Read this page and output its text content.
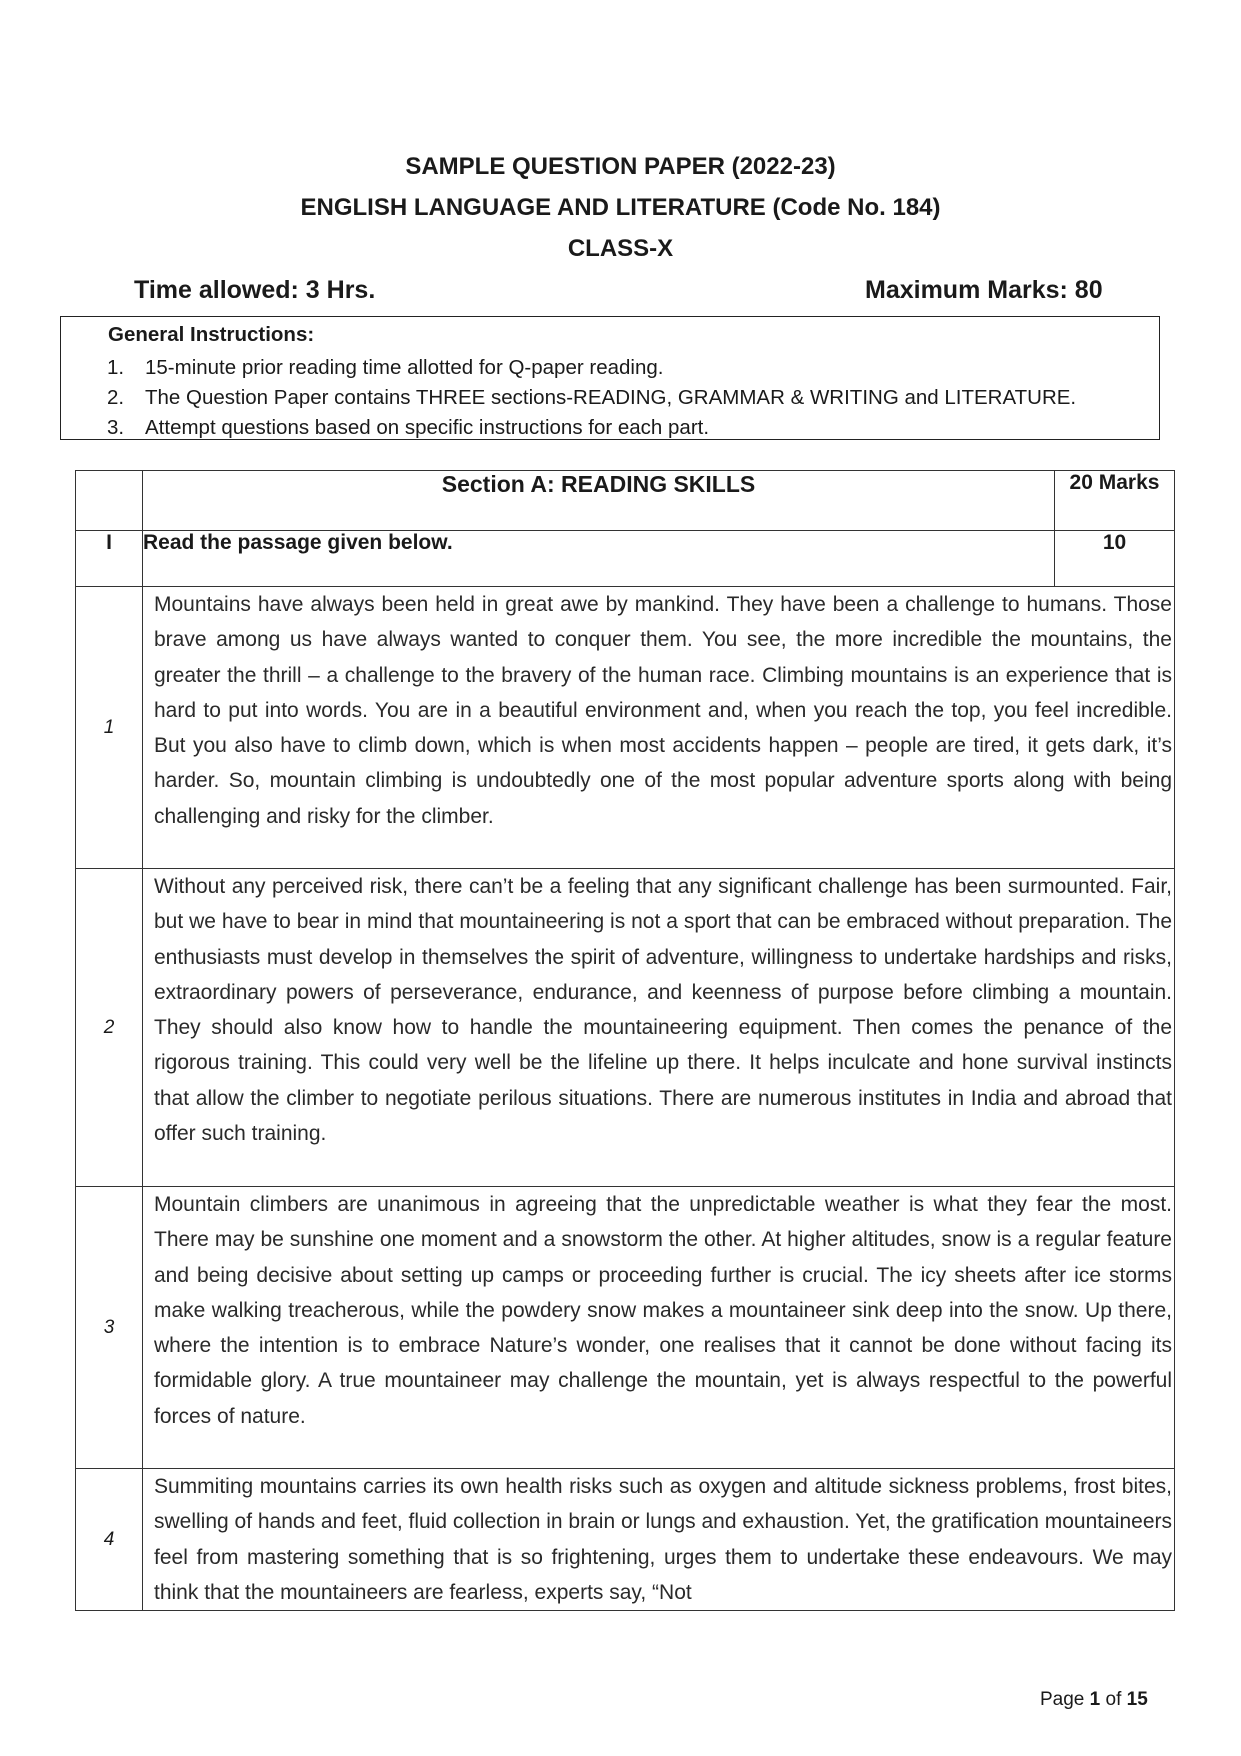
SAMPLE QUESTION PAPER (2022-23)
ENGLISH LANGUAGE AND LITERATURE (Code No. 184)
CLASS-X
Time allowed: 3 Hrs.	Maximum Marks: 80
General Instructions:
1. 15-minute prior reading time allotted for Q-paper reading.
2. The Question Paper contains THREE sections-READING, GRAMMAR & WRITING and LITERATURE.
3. Attempt questions based on specific instructions for each part.
	Section A: READING SKILLS	20 Marks
I	Read the passage given below.	10
1	Mountains have always been held in great awe by mankind. They have been a challenge to humans. Those brave among us have always wanted to conquer them. You see, the more incredible the mountains, the greater the thrill – a challenge to the bravery of the human race. Climbing mountains is an experience that is hard to put into words. You are in a beautiful environment and, when you reach the top, you feel incredible. But you also have to climb down, which is when most accidents happen – people are tired, it gets dark, it’s harder. So, mountain climbing is undoubtedly one of the most popular adventure sports along with being challenging and risky for the climber.	
2	Without any perceived risk, there can’t be a feeling that any significant challenge has been surmounted. Fair, but we have to bear in mind that mountaineering is not a sport that can be embraced without preparation. The enthusiasts must develop in themselves the spirit of adventure, willingness to undertake hardships and risks, extraordinary powers of perseverance, endurance, and keenness of purpose before climbing a mountain. They should also know how to handle the mountaineering equipment. Then comes the penance of the rigorous training. This could very well be the lifeline up there. It helps inculcate and hone survival instincts that allow the climber to negotiate perilous situations. There are numerous institutes in India and abroad that offer such training.	
3	Mountain climbers are unanimous in agreeing that the unpredictable weather is what they fear the most. There may be sunshine one moment and a snowstorm the other. At higher altitudes, snow is a regular feature and being decisive about setting up camps or proceeding further is crucial. The icy sheets after ice storms make walking treacherous, while the powdery snow makes a mountaineer sink deep into the snow. Up there, where the intention is to embrace Nature’s wonder, one realises that it cannot be done without facing its formidable glory. A true mountaineer may challenge the mountain, yet is always respectful to the powerful forces of nature.	
4	Summiting mountains carries its own health risks such as oxygen and altitude sickness problems, frost bites, swelling of hands and feet, fluid collection in brain or lungs and exhaustion. Yet, the gratification mountaineers feel from mastering something that is so frightening, urges them to undertake these endeavours. We may think that the mountaineers are fearless, experts say, “Not	
Page 1 of 15
